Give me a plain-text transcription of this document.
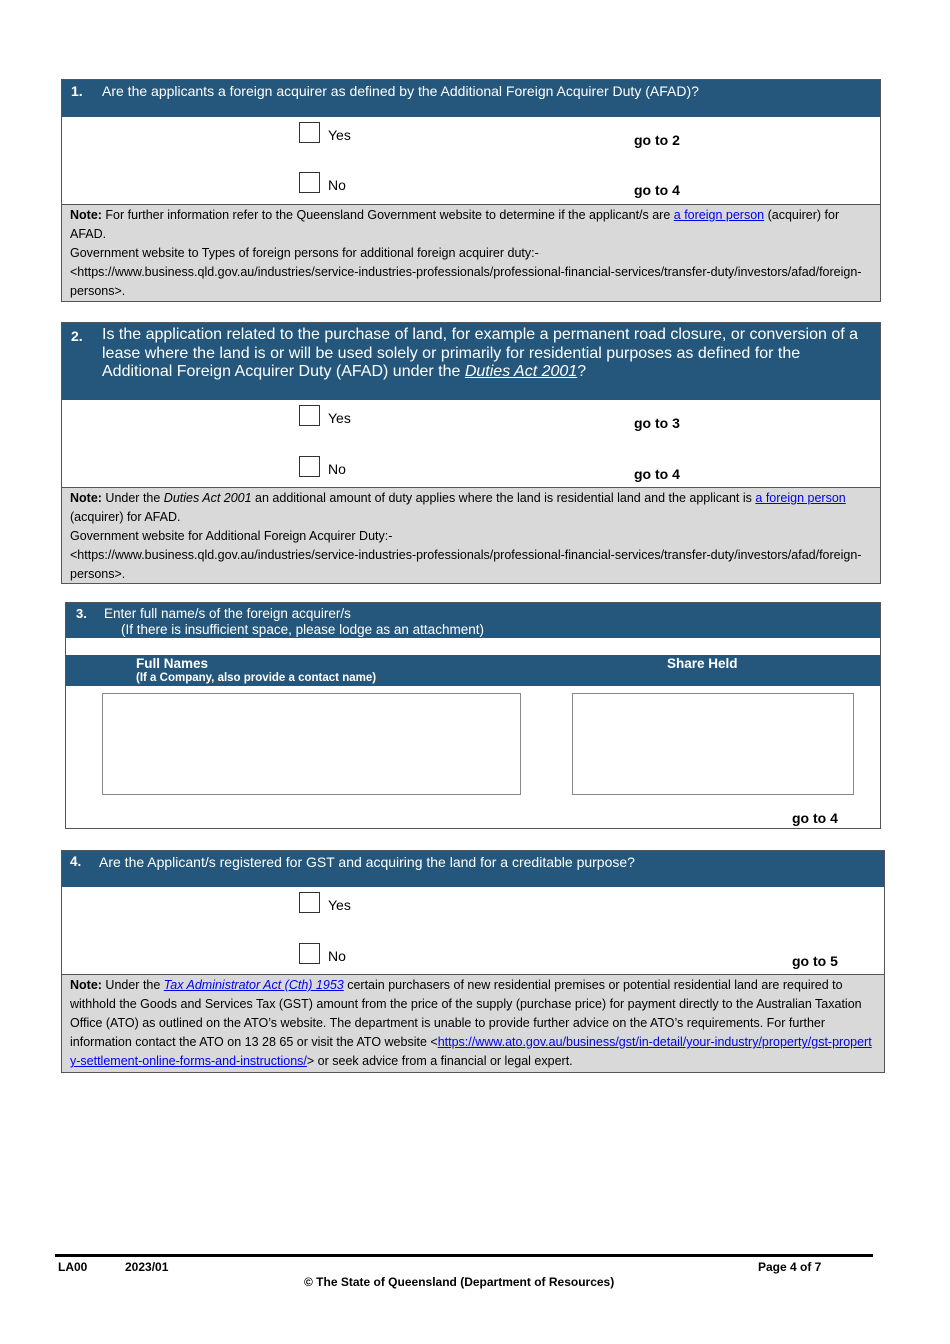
1. Are the applicants a foreign acquirer as defined by the Additional Foreign Acquirer Duty (AFAD)?
Yes	go to 2
No	go to 4
Note: For further information refer to the Queensland Government website to determine if the applicant/s are a foreign person (acquirer) for AFAD.
Government website to Types of foreign persons for additional foreign acquirer duty:-
<https://www.business.qld.gov.au/industries/service-industries-professionals/professional-financial-services/transfer-duty/investors/afad/foreign-persons>.
2. Is the application related to the purchase of land, for example a permanent road closure, or conversion of a lease where the land is or will be used solely or primarily for residential purposes as defined for the Additional Foreign Acquirer Duty (AFAD) under the Duties Act 2001?
Yes	go to 3
No	go to 4
Note: Under the Duties Act 2001 an additional amount of duty applies where the land is residential land and the applicant is a foreign person (acquirer) for AFAD.
Government website for Additional Foreign Acquirer Duty:-
<https://www.business.qld.gov.au/industries/service-industries-professionals/professional-financial-services/transfer-duty/investors/afad/foreign-persons>.
3. Enter full name/s of the foreign acquirer/s
(If there is insufficient space, please lodge as an attachment)
Full Names
(If a Company, also provide a contact name)
Share Held
go to 4
4. Are the Applicant/s registered for GST and acquiring the land for a creditable purpose?
Yes
No	go to 5
Note: Under the Tax Administrator Act (Cth) 1953 certain purchasers of new residential premises or potential residential land are required to withhold the Goods and Services Tax (GST) amount from the price of the supply (purchase price) for payment directly to the Australian Taxation Office (ATO) as outlined on the ATO’s website. The department is unable to provide further advice on the ATO’s requirements. For further information contact the ATO on 13 28 65 or visit the ATO website <https://www.ato.gov.au/business/gst/in-detail/your-industry/property/gst-property-settlement-online-forms-and-instructions/> or seek advice from a financial or legal expert.
LA00	2023/01	Page 4 of 7
© The State of Queensland (Department of Resources)
